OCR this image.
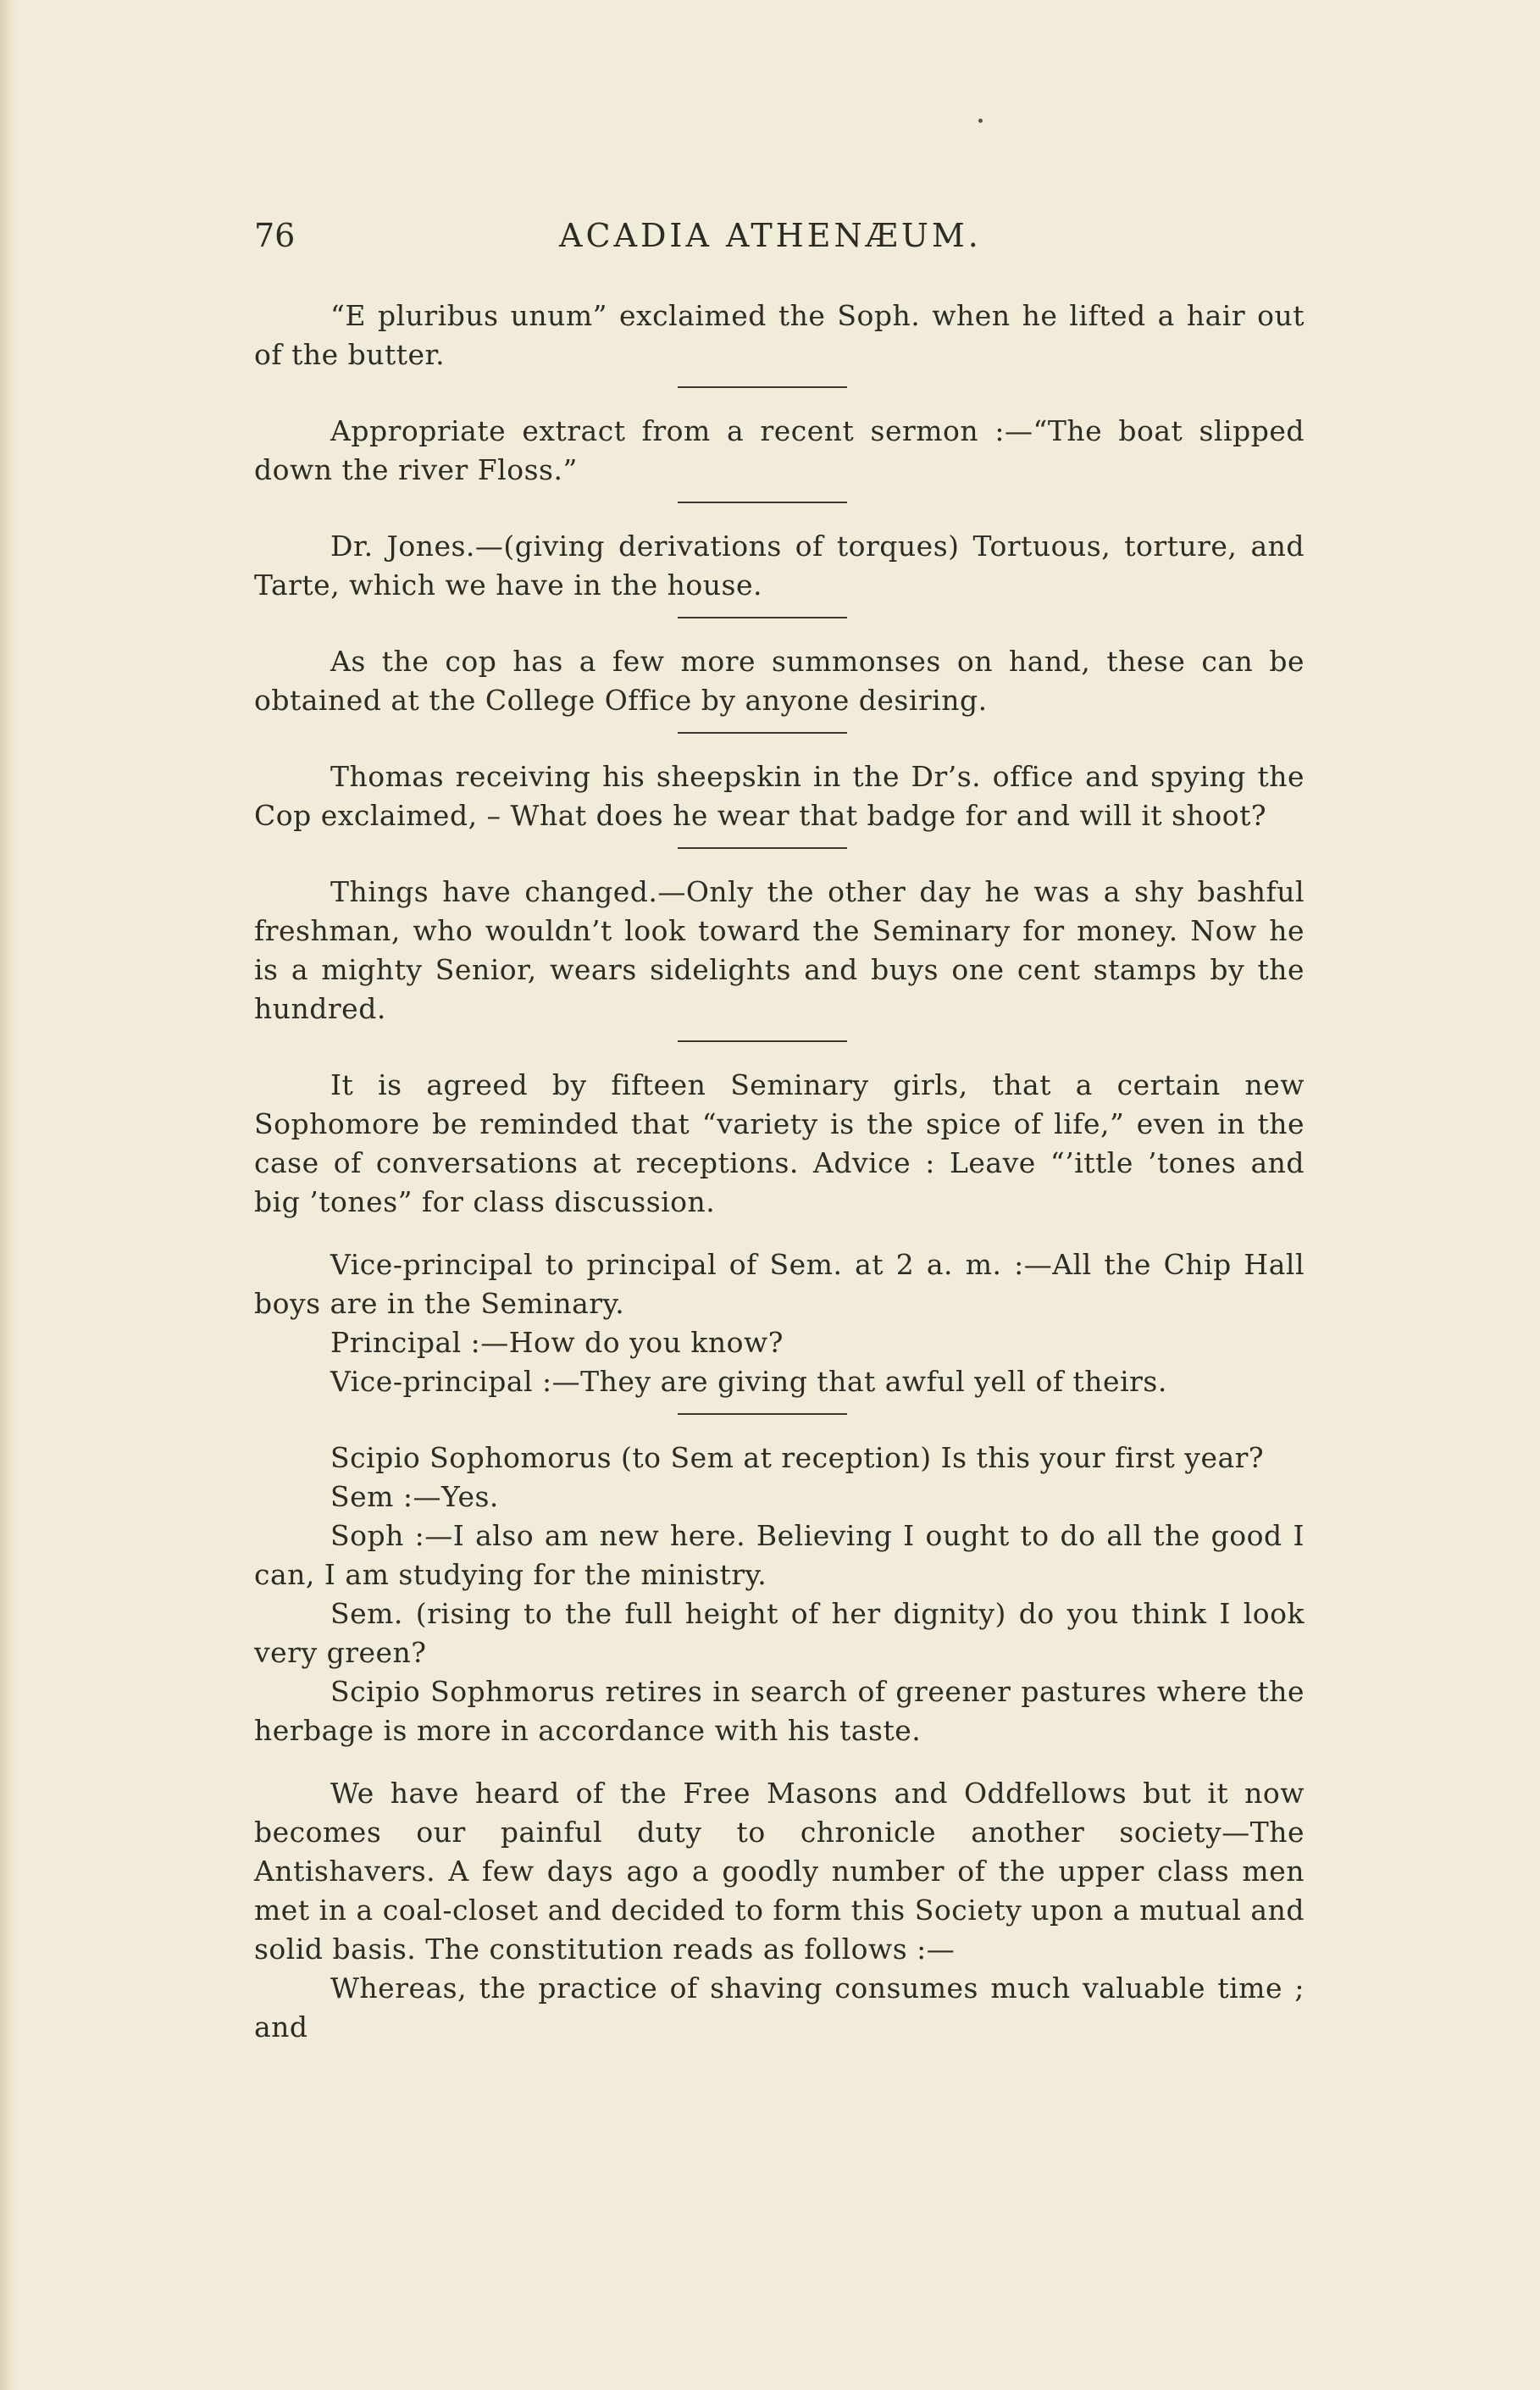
76	ACADIA ATHENÆUM.

“E pluribus unum” exclaimed the Soph. when he lifted a hair out of the butter.

Appropriate extract from a recent sermon :—“The boat slipped down the river Floss.”

Dr. Jones.—(giving derivations of torques) Tortuous, torture, and Tarte, which we have in the house.

As the cop has a few more summonses on hand, these can be obtained at the College Office by anyone desiring.

Thomas receiving his sheepskin in the Dr’s. office and spying the Cop exclaimed, – What does he wear that badge for and will it shoot?

Things have changed.—Only the other day he was a shy bashful freshman, who wouldn’t look toward the Seminary for money. Now he is a mighty Senior, wears sidelights and buys one cent stamps by the hundred.

It is agreed by fifteen Seminary girls, that a certain new Sophomore be reminded that “variety is the spice of life,” even in the case of conversations at receptions. Advice : Leave “’ittle ’tones and big ’tones” for class discussion.

Vice-principal to principal of Sem. at 2 a. m. :—All the Chip Hall boys are in the Seminary.

Principal :—How do you know?

Vice-principal :—They are giving that awful yell of theirs.

Scipio Sophomorus (to Sem at reception) Is this your first year?

Sem :—Yes.

Soph :—I also am new here. Believing I ought to do all the good I can, I am studying for the ministry.

Sem. (rising to the full height of her dignity) do you think I look very green?

Scipio Sophmorus retires in search of greener pastures where the herbage is more in accordance with his taste.

We have heard of the Free Masons and Oddfellows but it now becomes our painful duty to chronicle another society—The Antishavers. A few days ago a goodly number of the upper class men met in a coal-closet and decided to form this Society upon a mutual and solid basis. The constitution reads as follows :—

Whereas, the practice of shaving consumes much valuable time ; and
